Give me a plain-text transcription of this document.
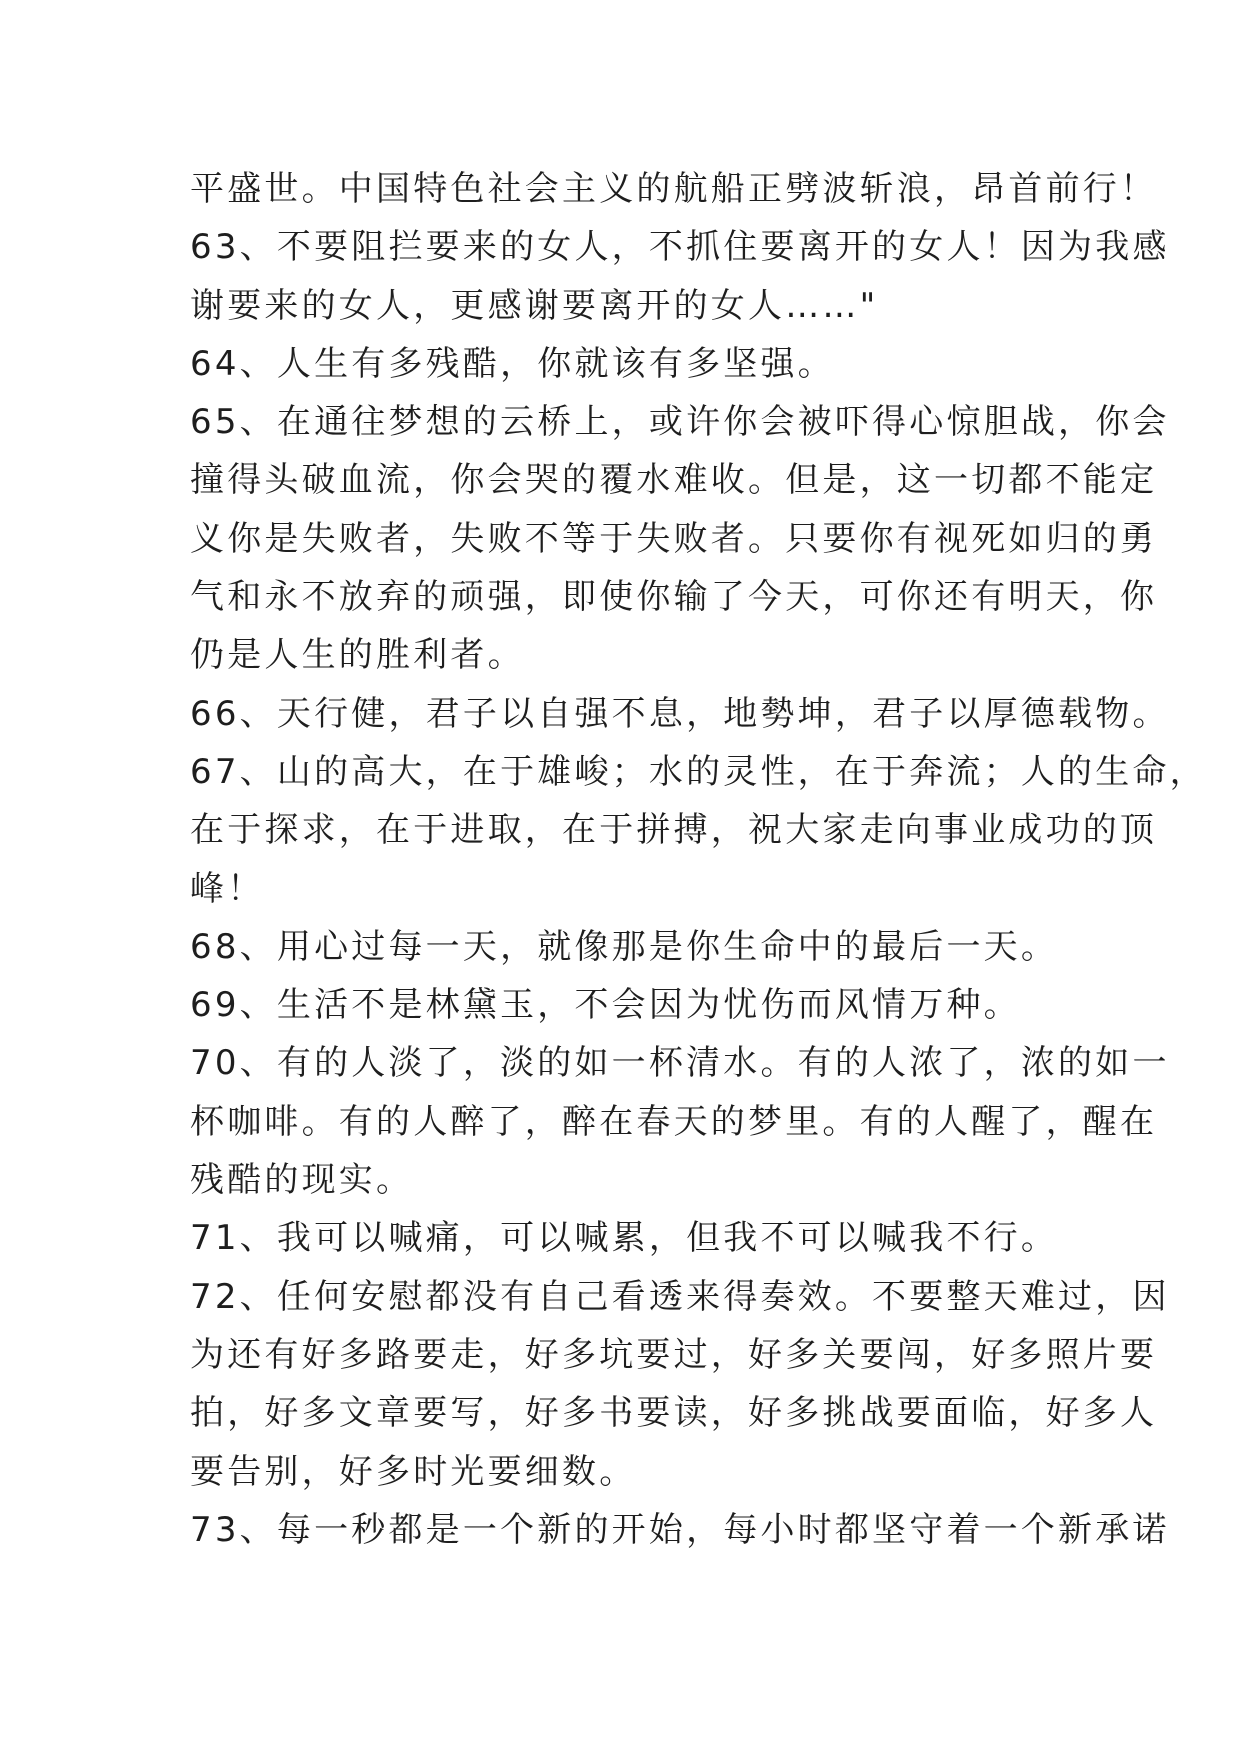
平盛世。中国特色社会主义的航船正劈波斩浪，昂首前行！
63、不要阻拦要来的女人，不抓住要离开的女人！因为我感
谢要来的女人，更感谢要离开的女人……"
64、人生有多残酷，你就该有多坚强。
65、在通往梦想的云桥上，或许你会被吓得心惊胆战，你会
撞得头破血流，你会哭的覆水难收。但是，这一切都不能定
义你是失败者，失败不等于失败者。只要你有视死如归的勇
气和永不放弃的顽强，即使你输了今天，可你还有明天，你
仍是人生的胜利者。
66、天行健，君子以自强不息，地勢坤，君子以厚德载物。
67、山的高大，在于雄峻；水的灵性，在于奔流；人的生命，
在于探求，在于进取，在于拼搏，祝大家走向事业成功的顶
峰！
68、用心过每一天，就像那是你生命中的最后一天。
69、生活不是林黛玉，不会因为忧伤而风情万种。
70、有的人淡了，淡的如一杯清水。有的人浓了，浓的如一
杯咖啡。有的人醉了，醉在春天的梦里。有的人醒了，醒在
残酷的现实。
71、我可以喊痛，可以喊累，但我不可以喊我不行。
72、任何安慰都没有自己看透来得奏效。不要整天难过，因
为还有好多路要走，好多坑要过，好多关要闯，好多照片要
拍，好多文章要写，好多书要读，好多挑战要面临，好多人
要告别，好多时光要细数。
73、每一秒都是一个新的开始，每小时都坚守着一个新承诺
